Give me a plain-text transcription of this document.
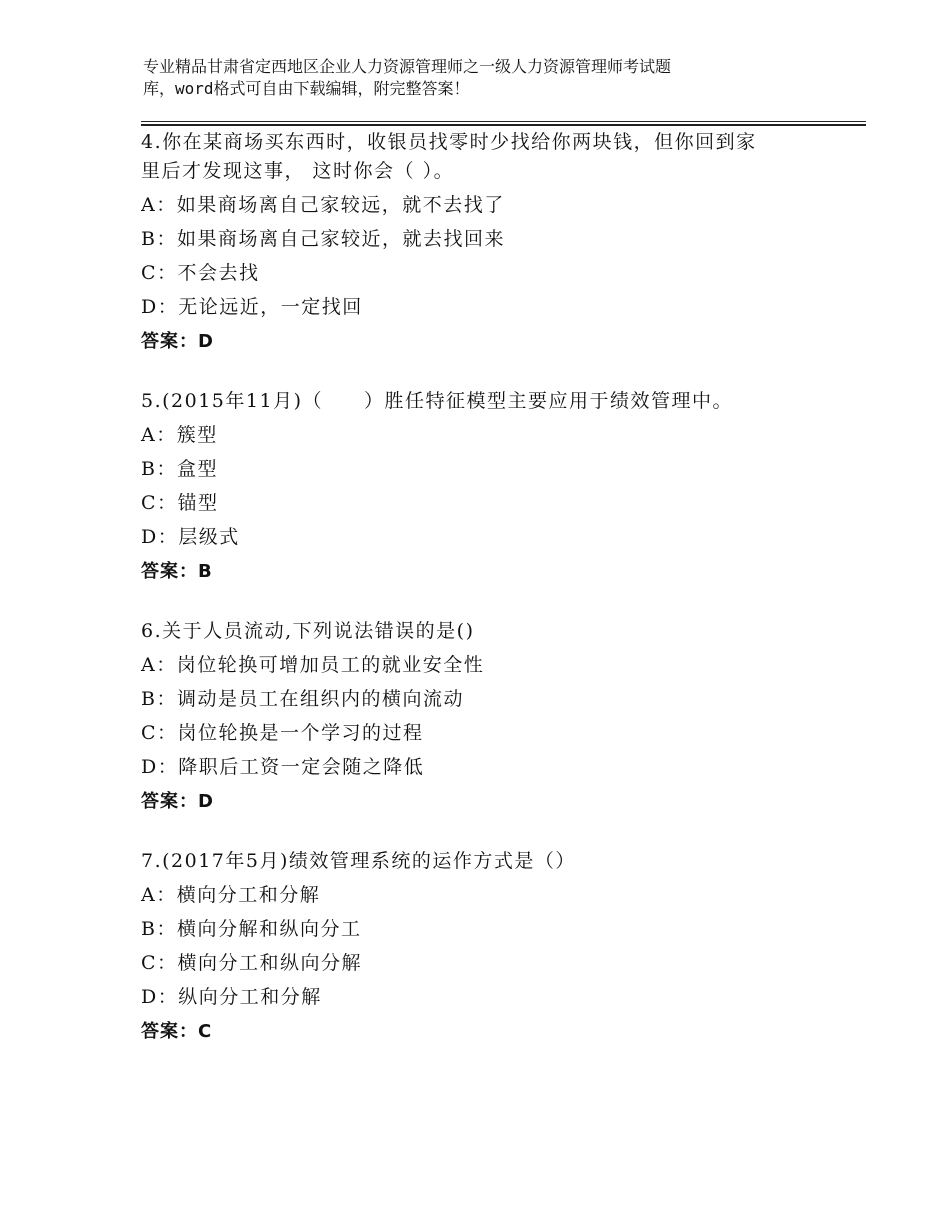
专业精品甘肃省定西地区企业人力资源管理师之一级人力资源管理师考试题
库，word格式可自由下载编辑，附完整答案！
4.你在某商场买东西时，收银员找零时少找给你两块钱，但你回到家
里后才发现这事， 这时你会（ ）。
A：如果商场离自己家较远，就不去找了
B：如果商场离自己家较近，就去找回来
C：不会去找
D：无论远近，一定找回
答案：D
5.(2015年11月)（　　）胜任特征模型主要应用于绩效管理中。
A：簇型
B：盒型
C：锚型
D：层级式
答案：B
6.关于人员流动,下列说法错误的是()
A：岗位轮换可增加员工的就业安全性
B：调动是员工在组织内的横向流动
C：岗位轮换是一个学习的过程
D：降职后工资一定会随之降低
答案：D
7.(2017年5月)绩效管理系统的运作方式是（）
A：横向分工和分解
B：横向分解和纵向分工
C：横向分工和纵向分解
D：纵向分工和分解
答案：C
